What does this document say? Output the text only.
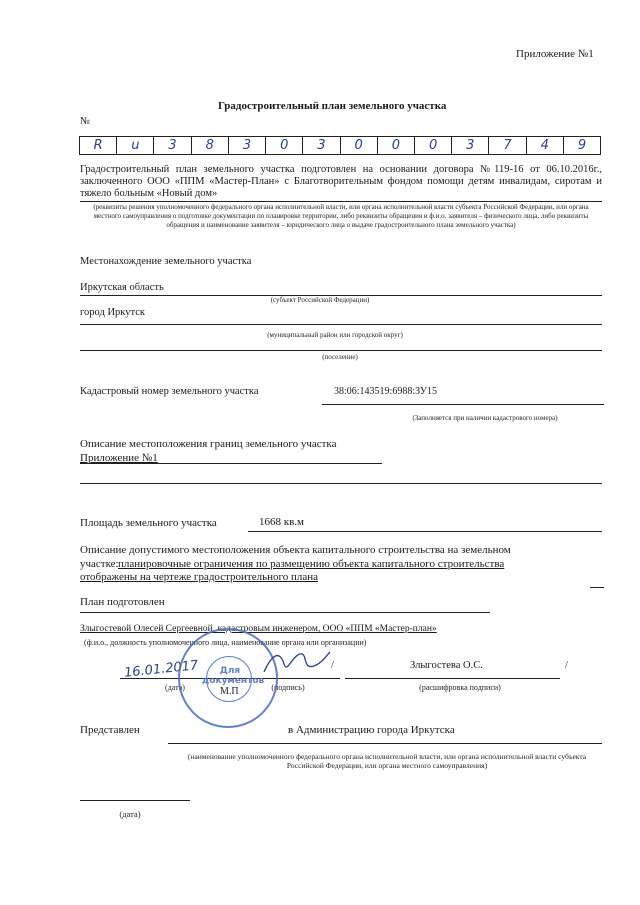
Приложение №1
Градостроительный план земельного участка
№
R	u	3	8	3	0	3	0	0	0	3	7	4	9
Градостроительный план земельного участка подготовлен на основании договора №119-16 от 06.10.2016г., заключенного ООО «ППМ «Мастер-План» с Благотворительным фондом помощи детям инвалидам, сиротам и тяжело больным «Новый дом»
(реквизиты решения уполномоченного федерального органа исполнительной власти, или органа исполнительной власти субъекта Российской Федерации, или органа местного самоуправления о подготовке документации по планировке территории, либо реквизиты обращения и ф.и.о. заявителя – физического лица, либо реквизиты обращения и наименование заявителя – юридического лица о выдаче градостроительного плана земельного участка)
Местонахождение земельного участка
Иркутская область
(субъект Российской Федерации)
город Иркутск
(муниципальный район или городской округ)
(поселение)
Кадастровый номер земельного участка	38:06:143519:6988:ЗУ15
(Заполняется при наличии кадастрового номера)
Описание местоположения границ земельного участка
Приложение №1
Площадь земельного участка	1668 кв.м
Описание допустимого местоположения объекта капитального строительства на земельном
участке: планировочные ограничения по размещению объекта капитального строительства
отображены на чертеже градостроительного плана
План подготовлен
Злыгостевой Олесей Сергеевной, кадастровым инженером, ООО «ППМ «Мастер-план»
(ф.и.о., должность уполномоченного лица, наименование органа или организации)
16.01.2017	/	Злыгостева О.С.	/
(дата)	М.П	(подпись)	(расшифровка подписи)
Для документов
Представлен	в Администрацию города Иркутска
(наименование уполномоченного федерального органа исполнительной власти, или органа исполнительной власти субъекта Российской Федерации, или органа местного самоуправления)
(дата)
